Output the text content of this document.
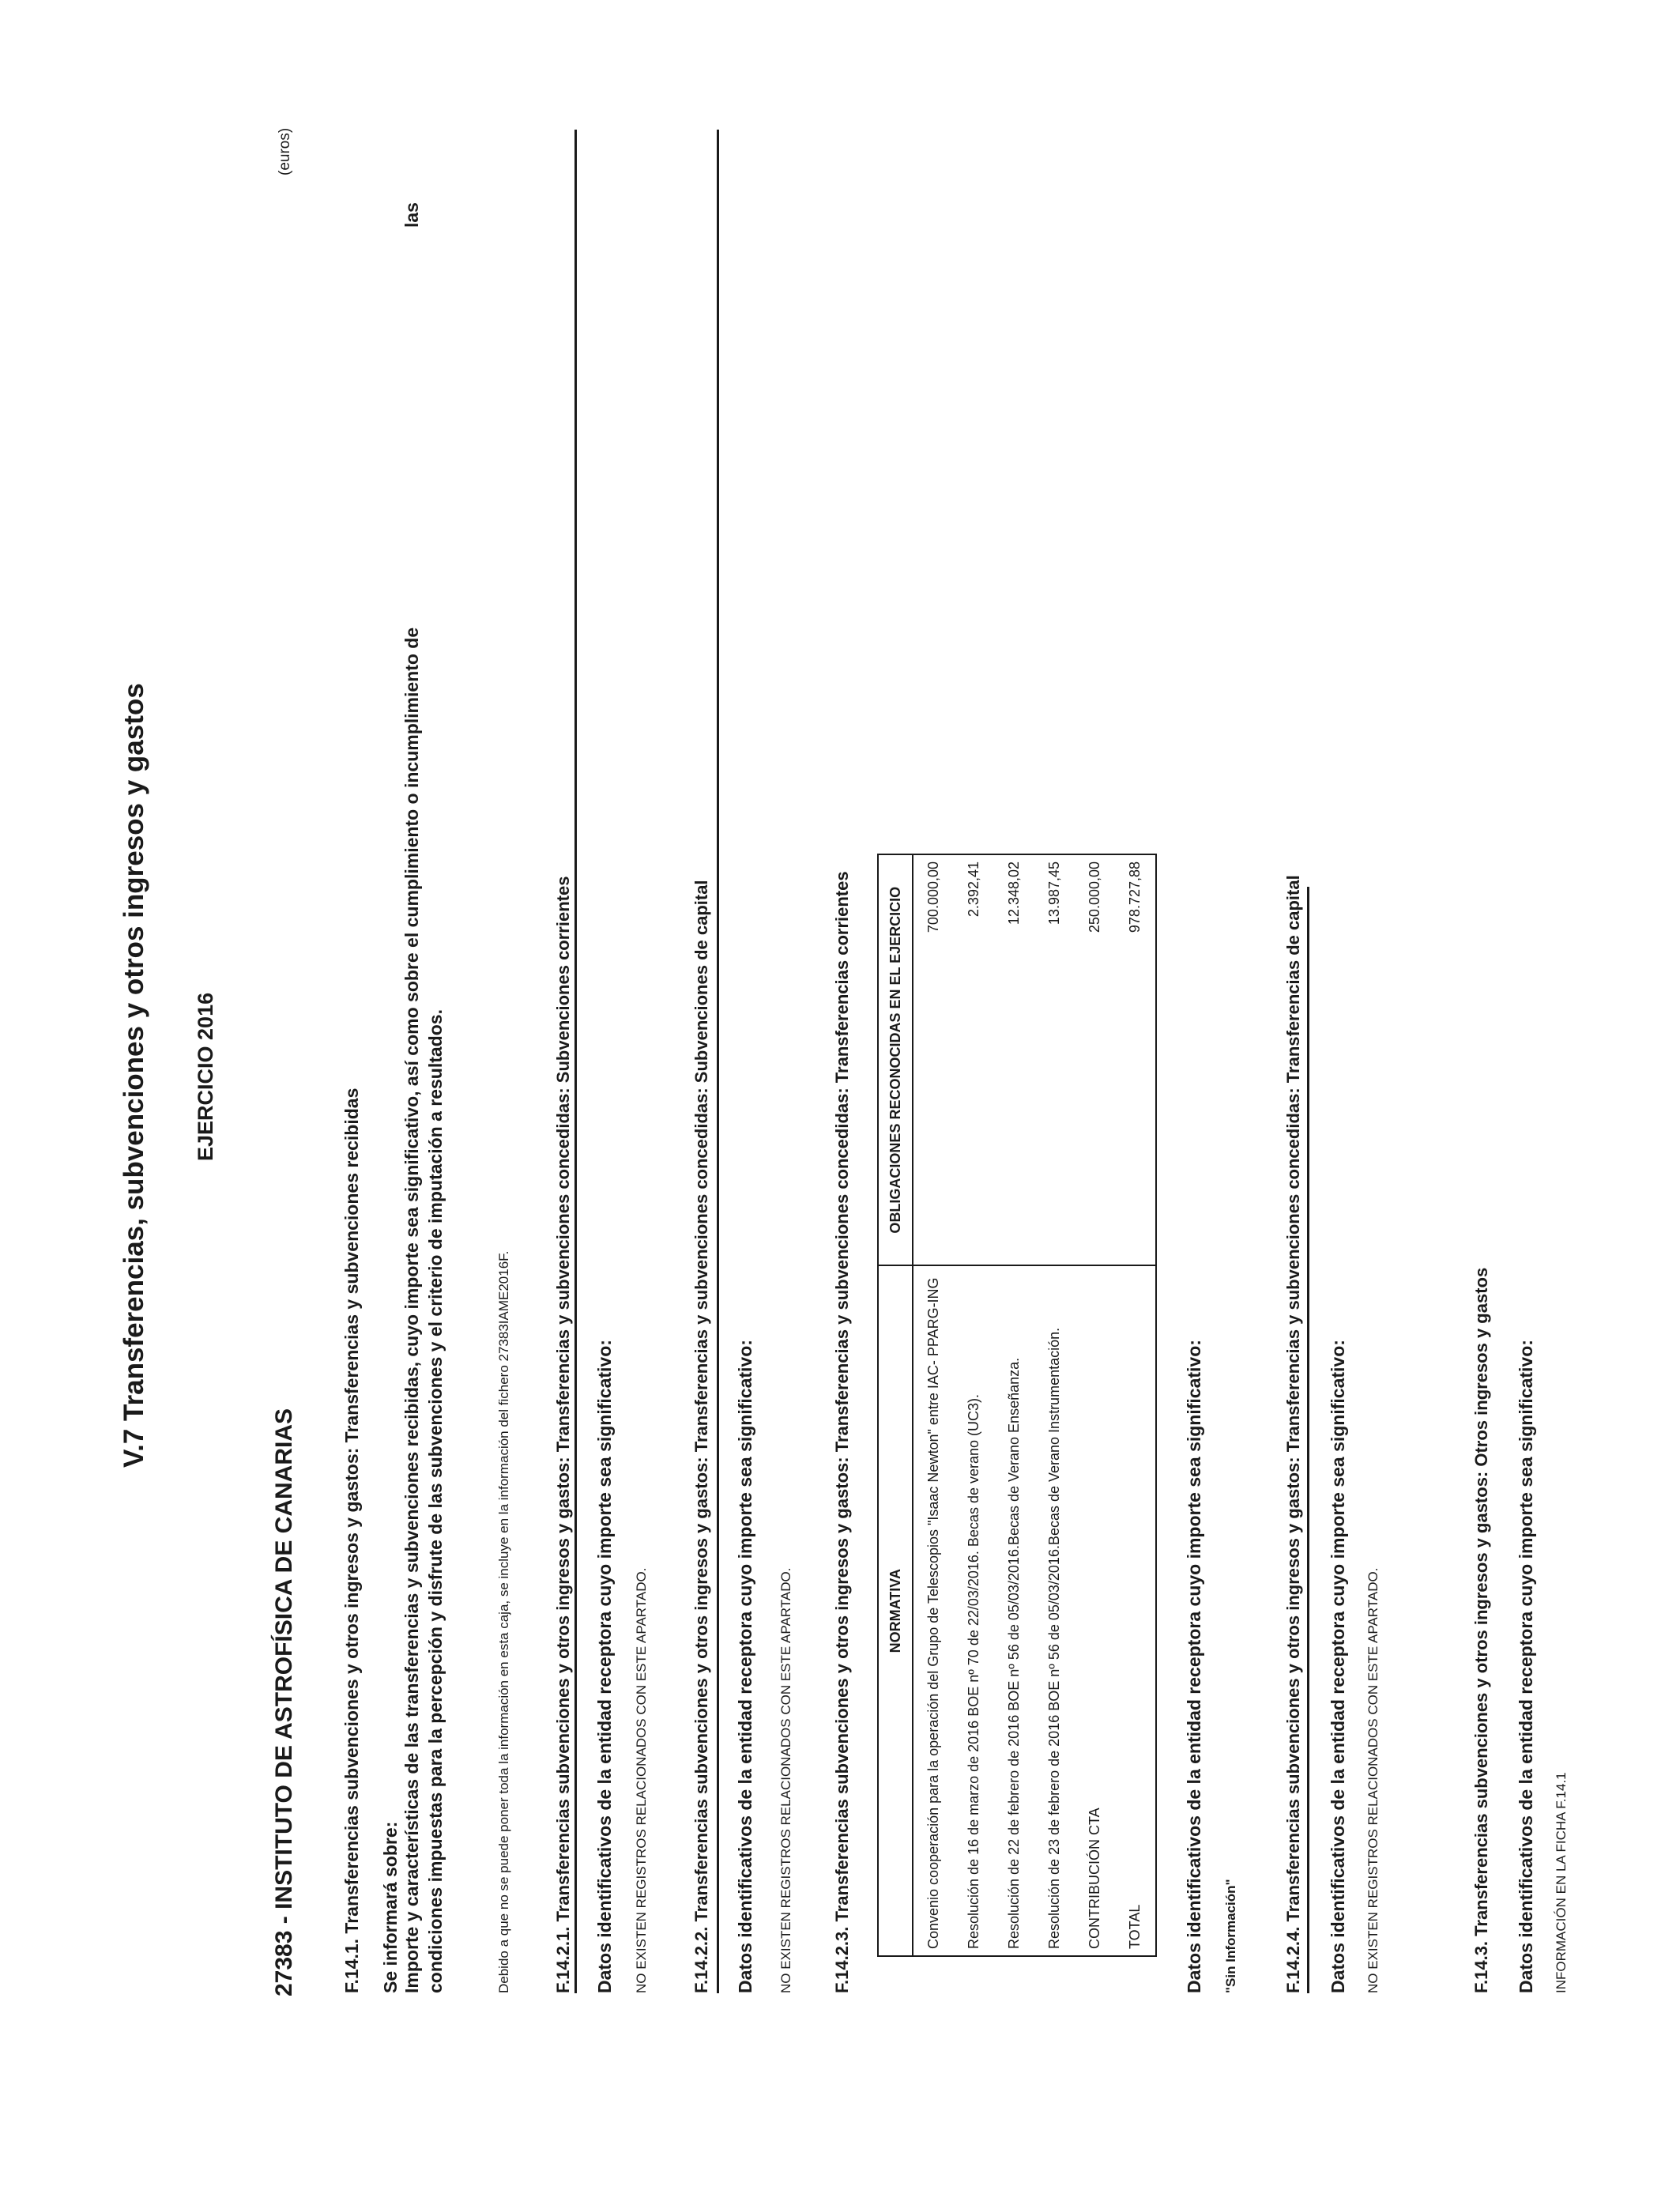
V.7 Transferencias, subvenciones y otros ingresos y gastos EJERCICIO 2016
(euros)
27383 - INSTITUTO DE ASTROFÍSICA DE CANARIAS F.14.1. Transferencias subvenciones y otros ingresos y gastos: Transferencias y subvenciones recibidas Se informará sobre: Importe y características de las transferencias y subvenciones recibidas, cuyo importe sea significativo, así como sobre el cumplimiento o incumplimiento de
las
condiciones impuestas para la percepción y disfrute de las subvenciones y el criterio de imputación a resultados.	Debido a que no se puede poner toda la información en esta caja, se incluye en la información del fichero 27383IAME2016F. F.14.2.1. Transferencias subvenciones y otros ingresos y gastos: Transferencias y subvenciones concedidas: Subvenciones corrientes Datos identificativos de la entidad receptora cuyo importe sea significativo: NO EXISTEN REGISTROS RELACIONADOS CON ESTE APARTADO. F.14.2.2. Transferencias subvenciones y otros ingresos y gastos: Transferencias y subvenciones concedidas: Subvenciones de capital Datos identificativos de la entidad receptora cuyo importe sea significativo: NO EXISTEN REGISTROS RELACIONADOS CON ESTE APARTADO. F.14.2.3. Transferencias subvenciones y otros ingresos y gastos: Transferencias y subvenciones concedidas: Transferencias corrientes NORMATIVA	OBLIGACIONES RECONOCIDAS EN EL EJERCICIO
Convenio cooperación para la operación del Grupo de Telescopios "Isaac Newton" entre IAC- PPARG-ING	700.000,00
Resolución de 16 de marzo de 2016 BOE nº 70 de 22/03/2016. Becas de verano (UC3).	2.392,41
Resolución de 22 de febrero de 2016 BOE nº 56 de 05/03/2016.Becas de Verano Enseñanza.	12.348,02
Resolución de 23 de febrero de 2016 BOE nº 56 de 05/03/2016.Becas de Verano Instrumentación.	13.987,45
CONTRIBUCIÓN CTA	250.000,00
TOTAL	978.727,88
Datos identificativos de la entidad receptora cuyo importe sea significativo: "Sin Información"	F.14.2.4. Transferencias subvenciones y otros ingresos y gastos: Transferencias y subvenciones concedidas: Transferencias de capital Datos identificativos de la entidad receptora cuyo importe sea significativo: NO EXISTEN REGISTROS RELACIONADOS CON ESTE APARTADO.	F.14.3. Transferencias subvenciones y otros ingresos y gastos: Otros ingresos y gastos Datos identificativos de la entidad receptora cuyo importe sea significativo: INFORMACIÓN EN LA FICHA F.14.1
